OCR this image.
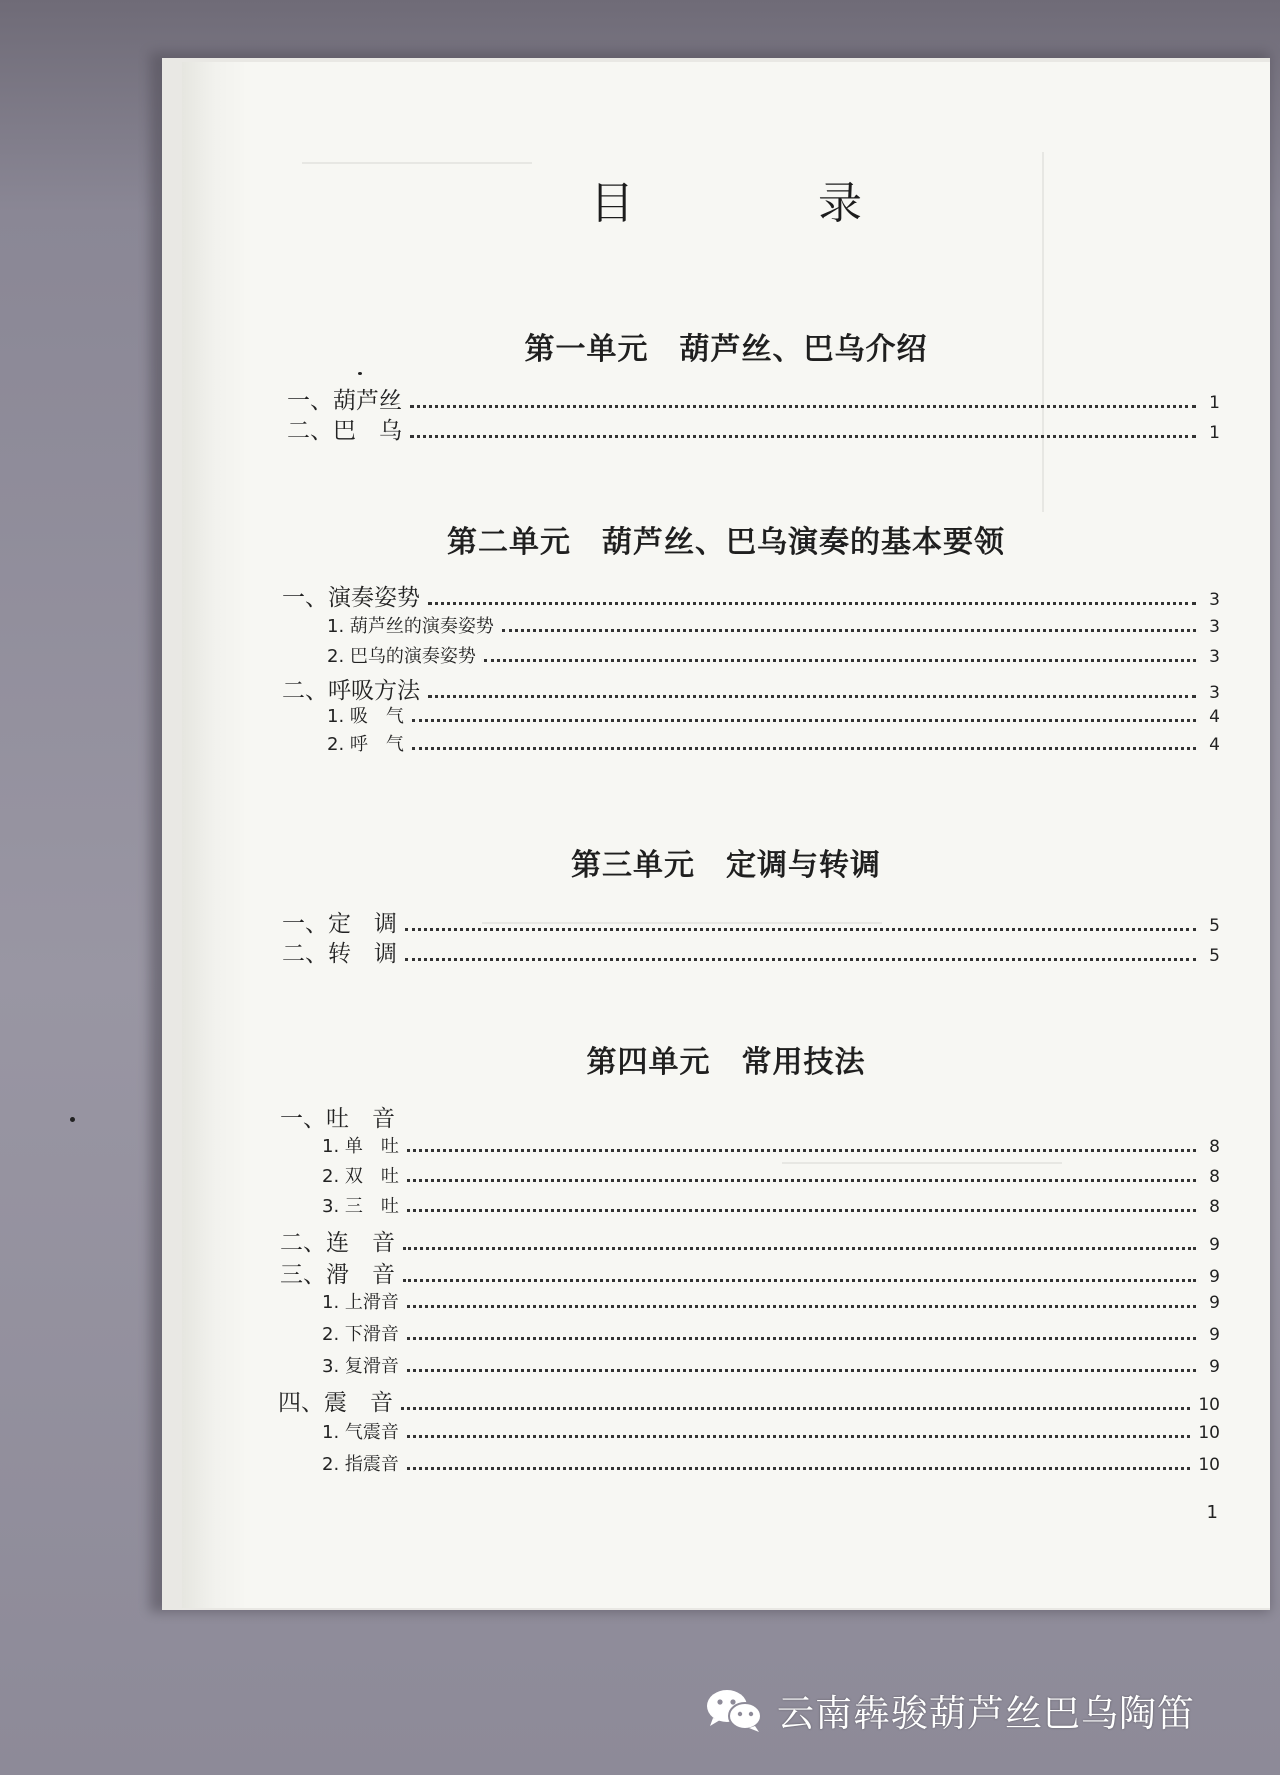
目　录
第一单元　葫芦丝、巴乌介绍
一、葫芦丝	1
二、巴　乌	1
第二单元　葫芦丝、巴乌演奏的基本要领
一、演奏姿势	3
1. 葫芦丝的演奏姿势	3
2. 巴乌的演奏姿势	3
二、呼吸方法	3
1. 吸　气	4
2. 呼　气	4
第三单元　定调与转调
一、定　调	5
二、转　调	5
第四单元　常用技法
一、吐　音
1. 单　吐	8
2. 双　吐	8
3. 三　吐	8
二、连　音	9
三、滑　音	9
1. 上滑音	9
2. 下滑音	9
3. 复滑音	9
四、震　音	10
1. 气震音	10
2. 指震音	10
1
云南犇骏葫芦丝巴乌陶笛
